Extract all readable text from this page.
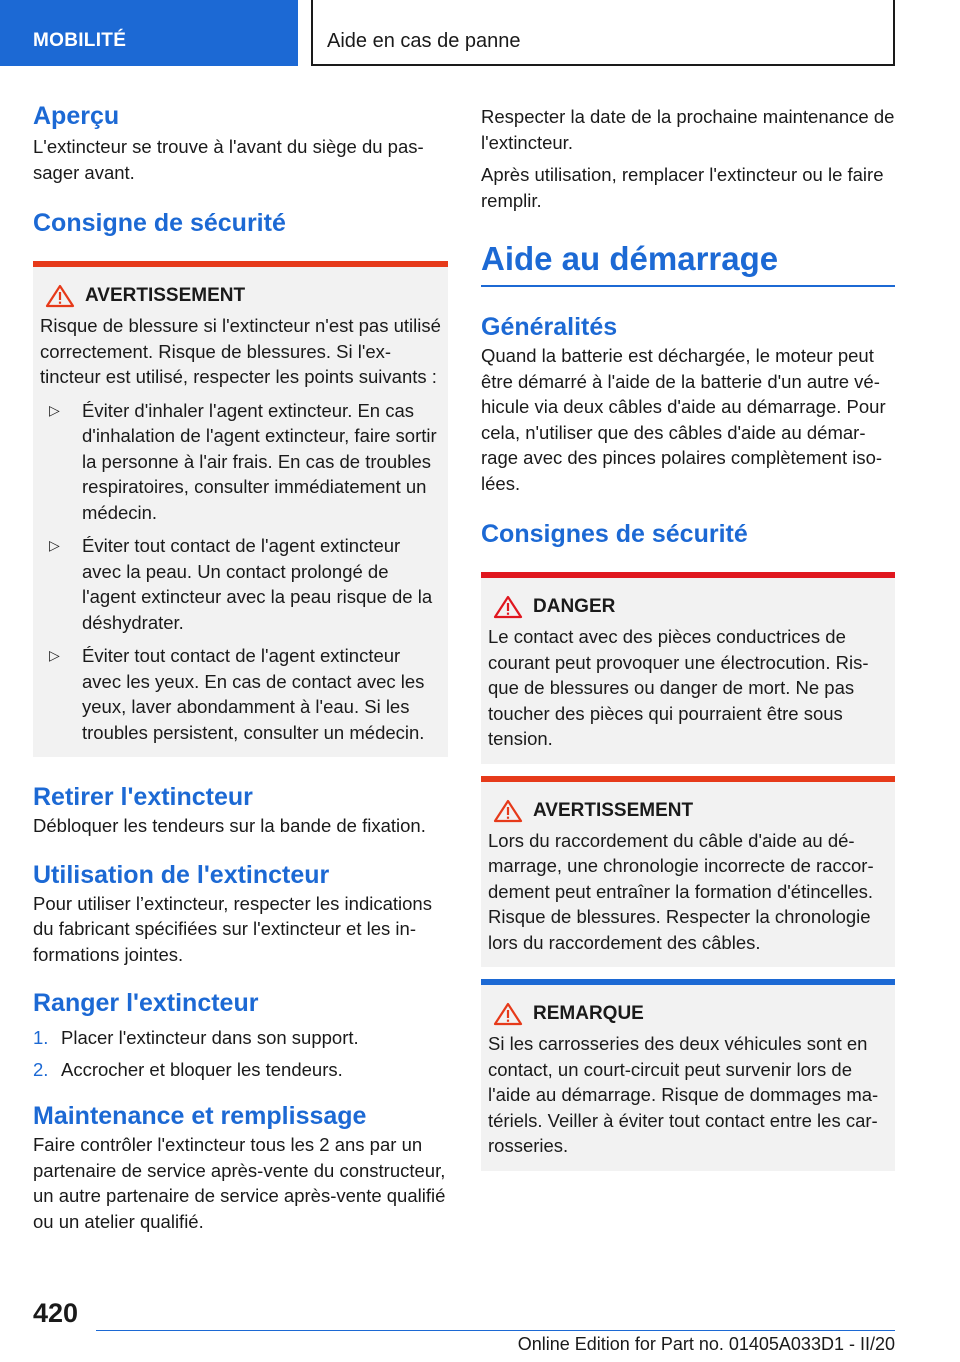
MOBILITÉ	Aide en cas de panne
Aperçu

L'extincteur se trouve à l'avant du siège du passager avant.

Consigne de sécurité
AVERTISSEMENT

Risque de blessure si l'extincteur n'est pas utilisé correctement. Risque de blessures. Si l'extincteur est utilisé, respecter les points suivants :

▷	Éviter d'inhaler l'agent extincteur. En cas d'inhalation de l'agent extincteur, faire sortir la personne à l'air frais. En cas de troubles respiratoires, consulter immédiatement un médecin.
▷	Éviter tout contact de l'agent extincteur avec la peau. Un contact prolongé de l'agent extincteur avec la peau risque de la déshydrater.
▷	Éviter tout contact de l'agent extincteur avec les yeux. En cas de contact avec les yeux, laver abondamment à l'eau. Si les troubles persistent, consulter un médecin.
Retirer l'extincteur

Débloquer les tendeurs sur la bande de fixation.

Utilisation de l'extincteur

Pour utiliser l’extincteur, respecter les indications du fabricant spécifiées sur l'extincteur et les informations jointes.

Ranger l'extincteur
1. Placer l'extincteur dans son support.
2. Accrocher et bloquer les tendeurs.
Maintenance et remplissage

Faire contrôler l'extincteur tous les 2 ans par un partenaire de service après-vente du constructeur, un autre partenaire de service après-vente qualifié ou un atelier qualifié.

Respecter la date de la prochaine maintenance de l'extincteur.

Après utilisation, remplacer l'extincteur ou le faire remplir.

Aide au démarrage
Généralités

Quand la batterie est déchargée, le moteur peut être démarré à l'aide de la batterie d'un autre véhicule via deux câbles d'aide au démarrage. Pour cela, n'utiliser que des câbles d'aide au démarrage avec des pinces polaires complètement isolées.

Consignes de sécurité
DANGER

Le contact avec des pièces conductrices de courant peut provoquer une électrocution. Risque de blessures ou danger de mort. Ne pas toucher des pièces qui pourraient être sous tension.

AVERTISSEMENT

Lors du raccordement du câble d'aide au démarrage, une chronologie incorrecte de raccordement peut entraîner la formation d'étincelles. Risque de blessures. Respecter la chronologie lors du raccordement des câbles.

REMARQUE

Si les carrosseries des deux véhicules sont en contact, un court-circuit peut survenir lors de l'aide au démarrage. Risque de dommages matériels. Veiller à éviter tout contact entre les carrosseries.

420
Online Edition for Part no. 01405A033D1 - II/20
